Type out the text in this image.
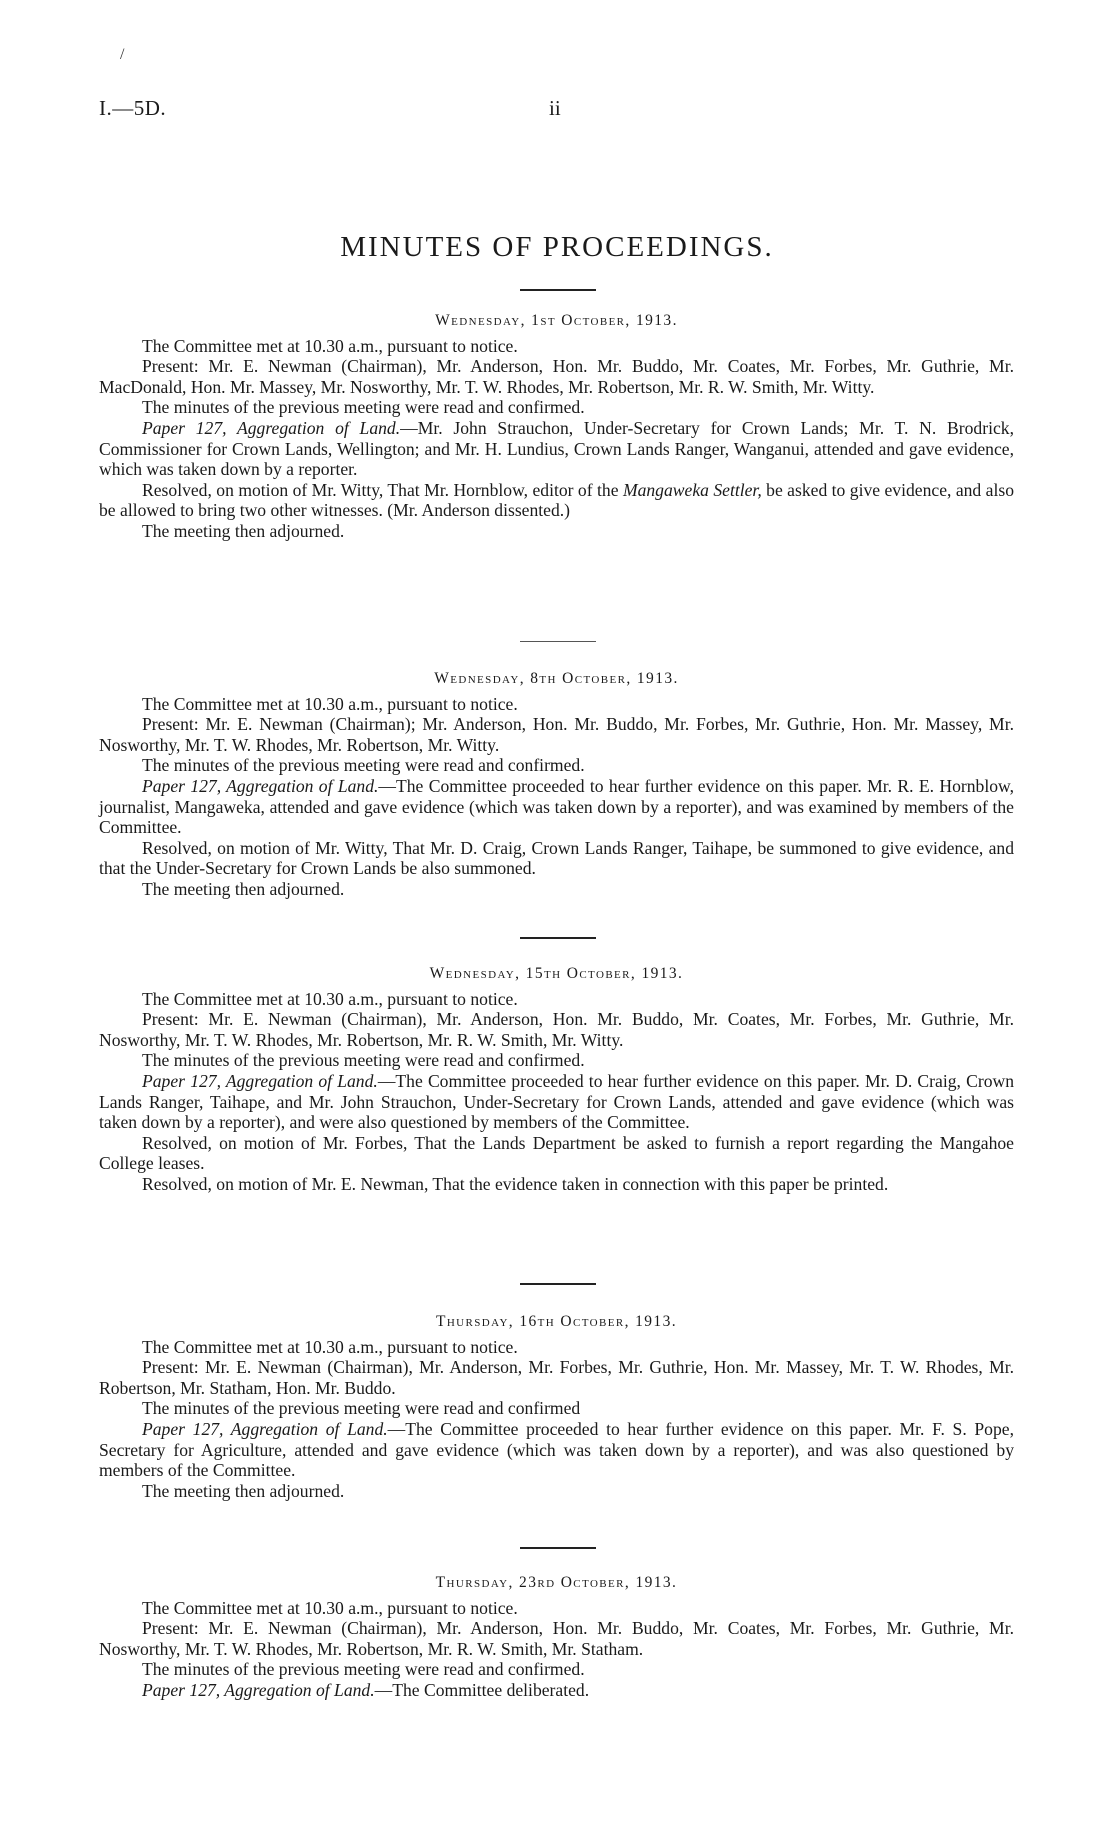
/
I.—5D.	ii
MINUTES OF PROCEEDINGS.
Wednesday, 1st October, 1913.

The Committee met at 10.30 a.m., pursuant to notice.

Present: Mr. E. Newman (Chairman), Mr. Anderson, Hon. Mr. Buddo, Mr. Coates, Mr. Forbes, Mr. Guthrie, Mr. MacDonald, Hon. Mr. Massey, Mr. Nosworthy, Mr. T. W. Rhodes, Mr. Robertson, Mr. R. W. Smith, Mr. Witty.

The minutes of the previous meeting were read and confirmed.

Paper 127, Aggregation of Land.—Mr. John Strauchon, Under-Secretary for Crown Lands; Mr. T. N. Brodrick, Commissioner for Crown Lands, Wellington; and Mr. H. Lundius, Crown Lands Ranger, Wanganui, attended and gave evidence, which was taken down by a reporter.

Resolved, on motion of Mr. Witty, That Mr. Hornblow, editor of the Mangaweka Settler, be asked to give evidence, and also be allowed to bring two other witnesses. (Mr. Anderson dissented.)

The meeting then adjourned.

Wednesday, 8th October, 1913.

The Committee met at 10.30 a.m., pursuant to notice.

Present: Mr. E. Newman (Chairman); Mr. Anderson, Hon. Mr. Buddo, Mr. Forbes, Mr. Guthrie, Hon. Mr. Massey, Mr. Nosworthy, Mr. T. W. Rhodes, Mr. Robertson, Mr. Witty.

The minutes of the previous meeting were read and confirmed.

Paper 127, Aggregation of Land.—The Committee proceeded to hear further evidence on this paper. Mr. R. E. Hornblow, journalist, Mangaweka, attended and gave evidence (which was taken down by a reporter), and was examined by members of the Committee.

Resolved, on motion of Mr. Witty, That Mr. D. Craig, Crown Lands Ranger, Taihape, be summoned to give evidence, and that the Under-Secretary for Crown Lands be also summoned.

The meeting then adjourned.

Wednesday, 15th October, 1913.

The Committee met at 10.30 a.m., pursuant to notice.

Present: Mr. E. Newman (Chairman), Mr. Anderson, Hon. Mr. Buddo, Mr. Coates, Mr. Forbes, Mr. Guthrie, Mr. Nosworthy, Mr. T. W. Rhodes, Mr. Robertson, Mr. R. W. Smith, Mr. Witty.

The minutes of the previous meeting were read and confirmed.

Paper 127, Aggregation of Land.—The Committee proceeded to hear further evidence on this paper. Mr. D. Craig, Crown Lands Ranger, Taihape, and Mr. John Strauchon, Under-Secretary for Crown Lands, attended and gave evidence (which was taken down by a reporter), and were also questioned by members of the Committee.

Resolved, on motion of Mr. Forbes, That the Lands Department be asked to furnish a report regarding the Mangahoe College leases.

Resolved, on motion of Mr. E. Newman, That the evidence taken in connection with this paper be printed.

Thursday, 16th October, 1913.

The Committee met at 10.30 a.m., pursuant to notice.

Present: Mr. E. Newman (Chairman), Mr. Anderson, Mr. Forbes, Mr. Guthrie, Hon. Mr. Massey, Mr. T. W. Rhodes, Mr. Robertson, Mr. Statham, Hon. Mr. Buddo.

The minutes of the previous meeting were read and confirmed

Paper 127, Aggregation of Land.—The Committee proceeded to hear further evidence on this paper. Mr. F. S. Pope, Secretary for Agriculture, attended and gave evidence (which was taken down by a reporter), and was also questioned by members of the Committee.

The meeting then adjourned.

Thursday, 23rd October, 1913.

The Committee met at 10.30 a.m., pursuant to notice.

Present: Mr. E. Newman (Chairman), Mr. Anderson, Hon. Mr. Buddo, Mr. Coates, Mr. Forbes, Mr. Guthrie, Mr. Nosworthy, Mr. T. W. Rhodes, Mr. Robertson, Mr. R. W. Smith, Mr. Statham.

The minutes of the previous meeting were read and confirmed.

Paper 127, Aggregation of Land.—The Committee deliberated.
